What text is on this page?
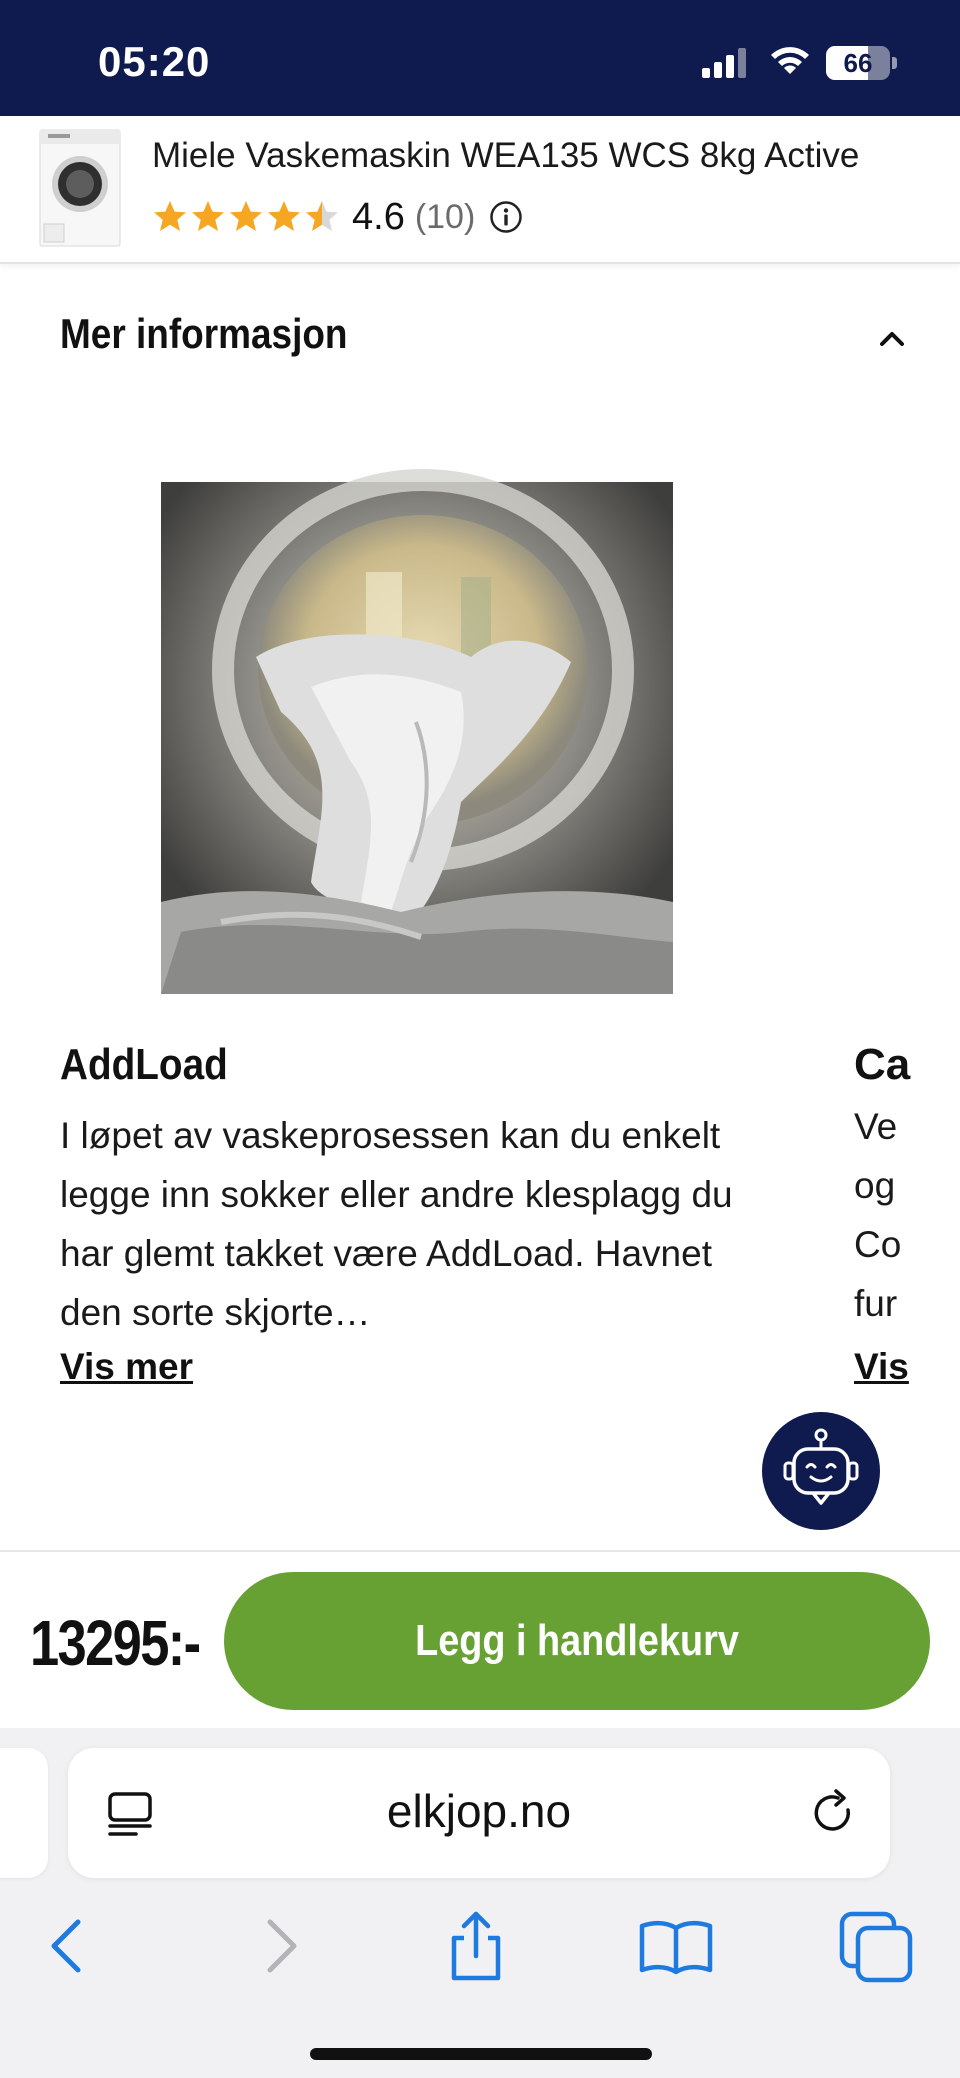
05:20	66
Miele Vaskemaskin WEA135 WCS 8kg Active
4.6 (10)
Mer informasjon
AddLoad
I løpet av vaskeprosessen kan du enkelt legge inn sokker eller andre klesplagg du har glemt takket være AddLoad. Havnet den sorte skjorte…
Vis mer
Ca
Ve
og
Co
fur
Vis
13295:-	Legg i handlekurv
elkjop.no
